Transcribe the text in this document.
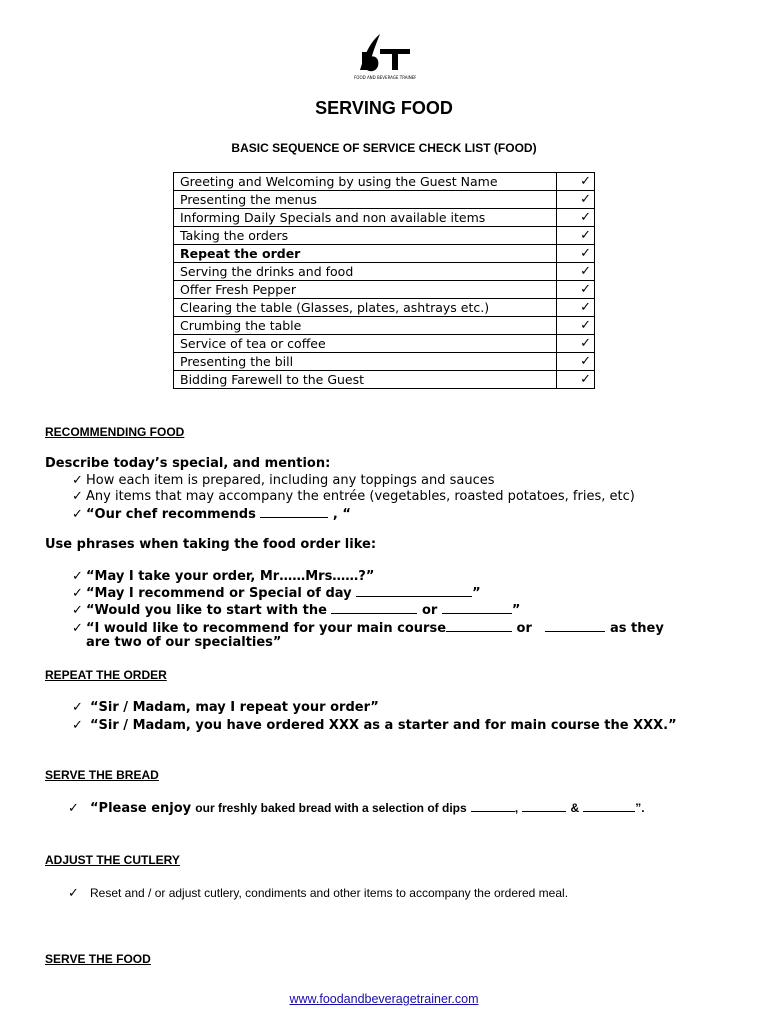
FOOD AND BEVERAGE TRAINER
SERVING FOOD
BASIC SEQUENCE OF SERVICE CHECK LIST (FOOD)
Greeting and Welcoming by using the Guest Name	✓
Presenting the menus	✓
Informing Daily Specials and non available items	✓
Taking the orders	✓
Repeat the order	✓
Serving the drinks and food	✓
Offer Fresh Pepper	✓
Clearing the table (Glasses, plates, ashtrays etc.)	✓
Crumbing the table	✓
Service of tea or coffee	✓
Presenting the bill	✓
Bidding Farewell to the Guest	✓
RECOMMENDING FOOD
Describe today’s special, and mention:
✓ How each item is prepared, including any toppings and sauces
✓ Any items that may accompany the entrée (vegetables, roasted potatoes, fries, etc)
✓ “Our chef recommends	, “
Use phrases when taking the food order like:
✓ “May I take your order, Mr……Mrs……?”
✓ “May I recommend or Special of day	”
✓ “Would you like to start with the	or	”
✓ “I would like to recommend for your main course	or	as they
are two of our specialties”
REPEAT THE ORDER
✓ “Sir / Madam, may I repeat your order”
✓ “Sir / Madam, you have ordered XXX as a starter and for main course the XXX.”
SERVE THE BREAD
✓ “Please enjoy our freshly baked bread with a selection of dips	,	&	”.
ADJUST THE CUTLERY
✓ Reset and / or adjust cutlery, condiments and other items to accompany the ordered meal.
SERVE THE FOOD
www.foodandbeveragetrainer.com
